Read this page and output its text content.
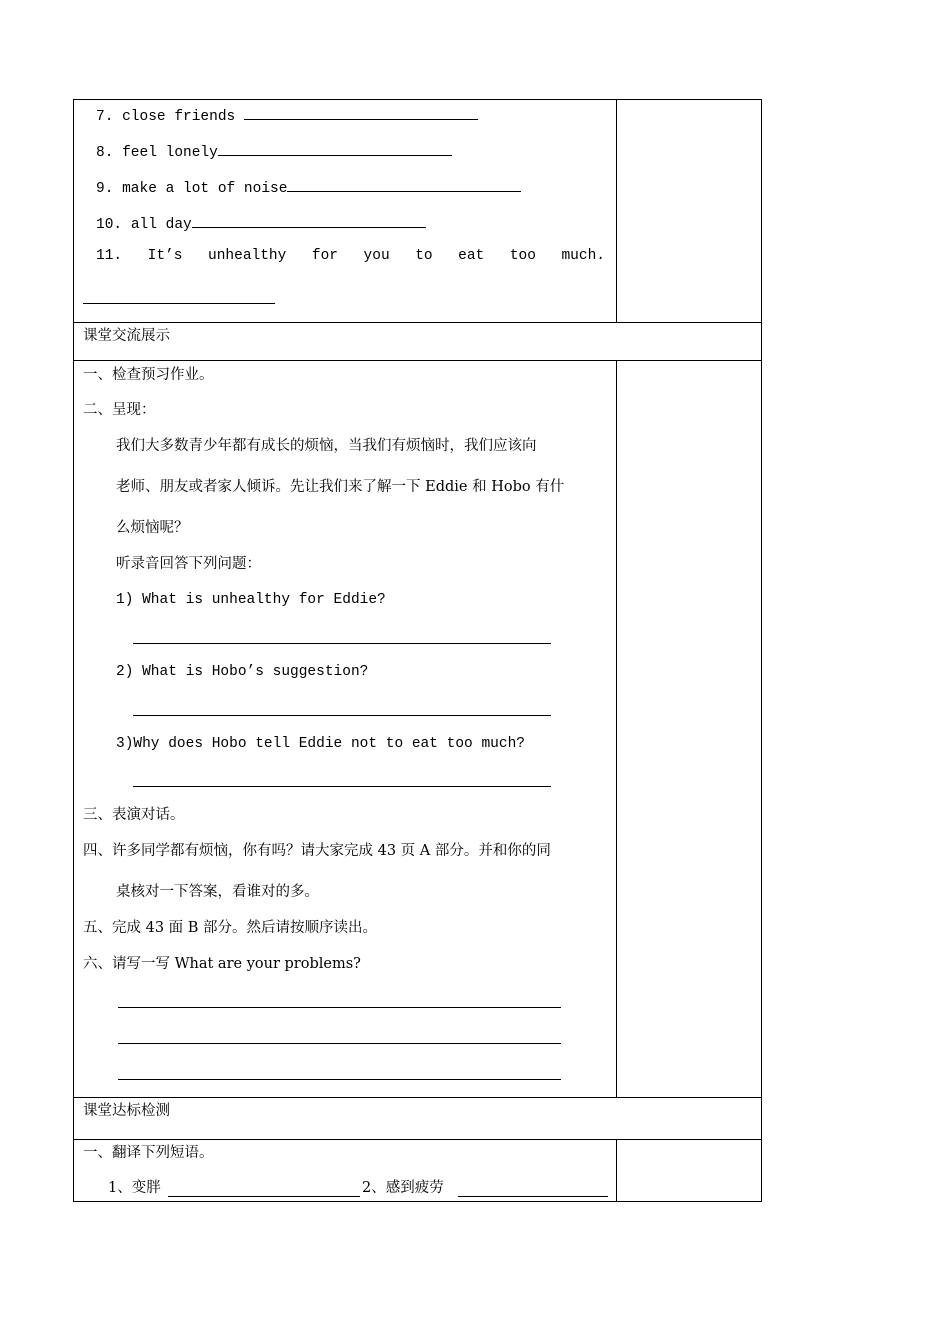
7. close friends
8. feel lonely
9. make a lot of noise
10. all day
11. It’s unhealthy for you to eat too much.
课堂交流展示
一、检查预习作业。
二、呈现：
我们大多数青少年都有成长的烦恼，当我们有烦恼时，我们应该向
老师、朋友或者家人倾诉。先让我们来了解一下 Eddie 和 Hobo 有什
么烦恼呢？
听录音回答下列问题：
1) What is unhealthy for Eddie?
2) What is Hobo’s suggestion?
3)Why does Hobo tell Eddie not to eat too much?
三、表演对话。
四、许多同学都有烦恼，你有吗？请大家完成 43 页 A 部分。并和你的同
桌核对一下答案，看谁对的多。
五、完成 43 面 B 部分。然后请按顺序读出。
六、请写一写 What are your problems?
课堂达标检测
一、翻译下列短语。
1、变胖	2、感到疲劳
